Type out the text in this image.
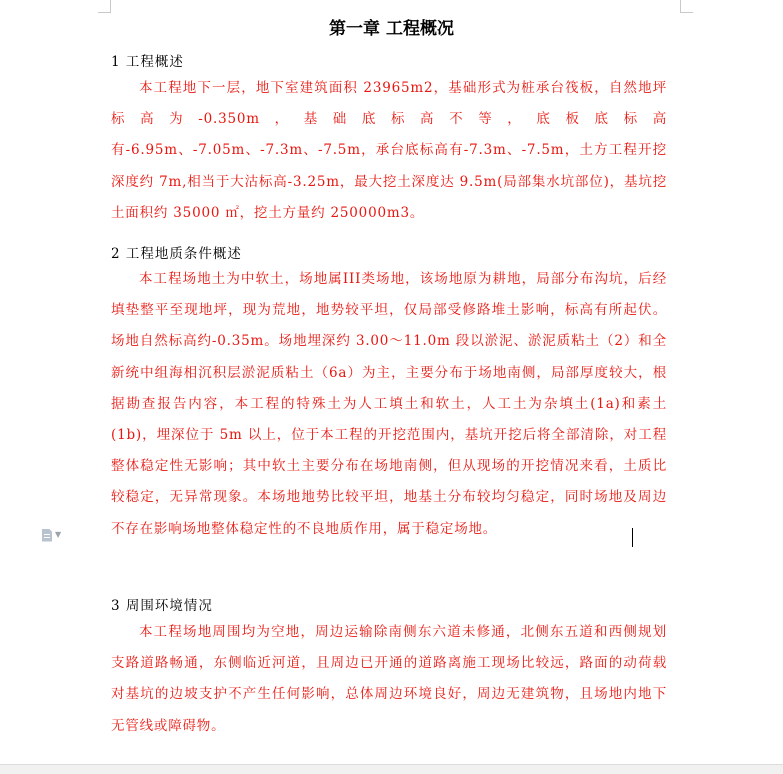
第一章 工程概况

1 工程概述

本工程地下一层，地下室建筑面积 23965m2，基础形式为桩承台筏板，自然地坪标高为-0.350m，基础底标高不等，底板底标高有-6.95m、-7.05m、-7.3m、-7.5m，承台底标高有-7.3m、-7.5m，土方工程开挖深度约 7m,相当于大沽标高-3.25m，最大挖土深度达 9.5m(局部集水坑部位)，基坑挖土面积约 35000 ㎡，挖土方量约 250000m3。

2 工程地质条件概述

本工程场地土为中软土，场地属III类场地，该场地原为耕地，局部分布沟坑，后经填垫整平至现地坪，现为荒地，地势较平坦，仅局部受修路堆土影响，标高有所起伏。场地自然标高约-0.35m。场地埋深约 3.00～11.0m 段以淤泥、淤泥质粘土（2）和全新统中组海相沉积层淤泥质粘土（6a）为主，主要分布于场地南侧，局部厚度较大，根据勘查报告内容，本工程的特殊土为人工填土和软土，人工土为杂填土(1a)和素土(1b)，埋深位于 5m 以上，位于本工程的开挖范围内，基坑开挖后将全部清除，对工程整体稳定性无影响；其中软土主要分布在场地南侧，但从现场的开挖情况来看，土质比较稳定，无异常现象。本场地地势比较平坦，地基土分布较均匀稳定，同时场地及周边不存在影响场地整体稳定性的不良地质作用，属于稳定场地。

3 周围环境情况

本工程场地周围均为空地，周边运输除南侧东六道未修通，北侧东五道和西侧规划支路道路畅通，东侧临近河道，且周边已开通的道路离施工现场比较远，路面的动荷载对基坑的边坡支护不产生任何影响，总体周边环境良好，周边无建筑物，且场地内地下无管线或障碍物。

▼
